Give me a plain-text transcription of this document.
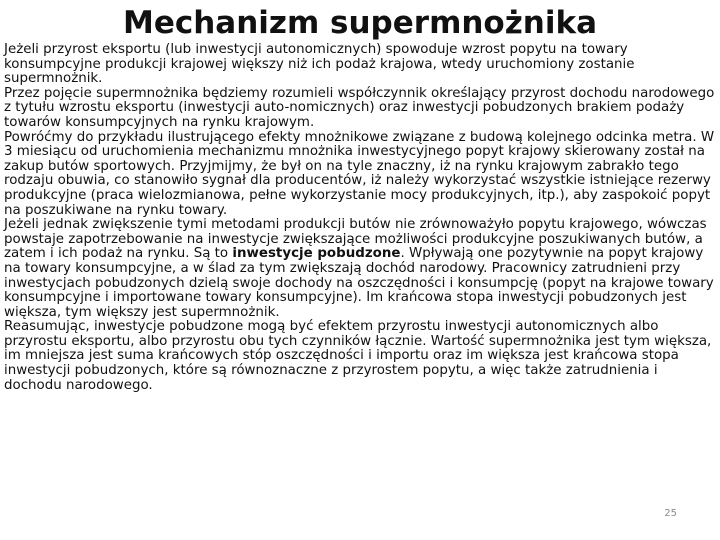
Mechanizm supermnożnika

Jeżeli przyrost eksportu (lub inwestycji autonomicznych) spowoduje wzrost popytu na towary konsumpcyjne produkcji krajowej większy niż ich podaż krajowa, wtedy uruchomiony zostanie supermnożnik.

Przez pojęcie supermnożnika będziemy rozumieli współczynnik określający przyrost dochodu narodowego z tytułu wzrostu eksportu (inwestycji auto-nomicznych) oraz inwestycji pobudzonych brakiem podaży towarów konsumpcyjnych na rynku krajowym.

Powróćmy do przykładu ilustrującego efekty mnożnikowe związane z budową kolejnego odcinka metra. W 3 miesiącu od uruchomienia mechanizmu mnożnika inwestycyjnego popyt krajowy skierowany został na zakup butów sportowych. Przyjmijmy, że był on na tyle znaczny, iż na rynku krajowym zabrakło tego rodzaju obuwia, co stanowiło sygnał dla producentów, iż należy wykorzystać wszystkie istniejące rezerwy produkcyjne (praca wielozmianowa, pełne wykorzystanie mocy produkcyjnych, itp.), aby zaspokoić popyt na poszukiwane na rynku towary.

Jeżeli jednak zwiększenie tymi metodami produkcji butów nie zrównoważyło popytu krajowego, wówczas powstaje zapotrzebowanie na inwestycje zwiększające możliwości produkcyjne poszukiwanych butów, a zatem i ich podaż na rynku. Są to inwestycje pobudzone. Wpływają one pozytywnie na popyt krajowy na towary konsumpcyjne, a w ślad za tym zwiększają dochód narodowy. Pracownicy zatrudnieni przy inwestycjach pobudzonych dzielą swoje dochody na oszczędności i konsumpcję (popyt na krajowe towary konsumpcyjne i importowane towary konsumpcyjne). Im krańcowa stopa inwestycji pobudzonych jest większa, tym większy jest supermnożnik.

Reasumując, inwestycje pobudzone mogą być efektem przyrostu inwestycji autonomicznych albo przyrostu eksportu, albo przyrostu obu tych czynników łącznie. Wartość supermnożnika jest tym większa, im mniejsza jest suma krańcowych stóp oszczędności i importu oraz im większa jest krańcowa stopa inwestycji pobudzonych, które są równoznaczne z przyrostem popytu, a więc także zatrudnienia i dochodu narodowego.

25
